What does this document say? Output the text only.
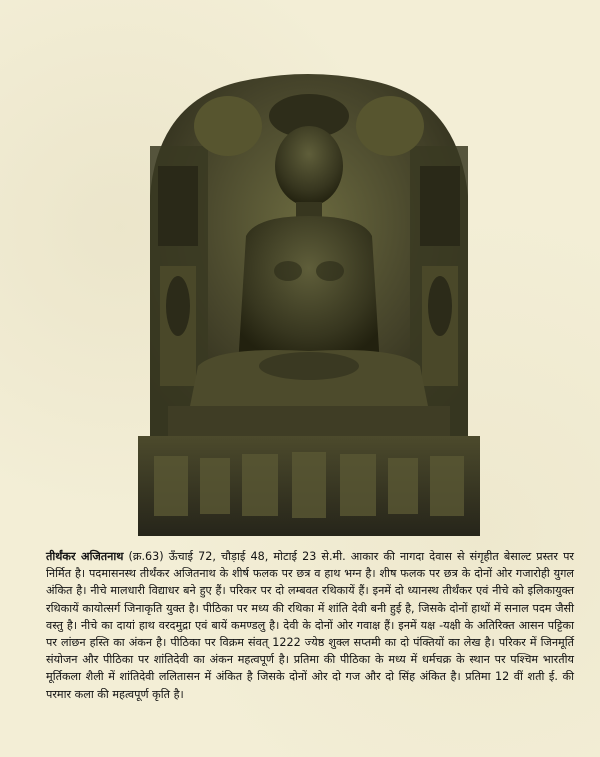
तीर्थंकर अजितनाथ (क्र.63) ऊँचाई 72, चौड़ाई 48, मोटाई 23 से.मी. आकार की नागदा देवास से संगृहीत बेसाल्ट प्रस्तर पर निर्मित है। पदमासनस्थ तीर्थंकर अजितनाथ के शीर्ष फलक पर छत्र व हाथ भग्न है। शीष फलक पर छत्र के दोनों ओर गजारोही युगल अंकित है। नीचे मालधारी विद्याधर बने हुए हैं। परिकर पर दो लम्बवत रथिकायें हैं। इनमें दो ध्यानस्थ तीर्थंकर एवं नीचे को इलिकायुक्त रथिकायें कायोत्सर्ग जिनाकृति युक्त है। पीठिका पर मध्य की रथिका में शांति देवी बनी हुई है, जिसके दोनों हाथों में सनाल पदम जैसी वस्तु है। नीचे का दायां हाथ वरदमुद्रा एवं बायें कमण्डलु है। देवी के दोनों ओर गवाक्ष हैं। इनमें यक्ष -यक्षी के अतिरिक्त आसन पट्टिका पर लांछन हस्ति का अंकन है। पीठिका पर विक्रम संवत् 1222 ज्येष्ठ शुक्ल सप्तमी का दो पंक्तियों का लेख है। परिकर में जिनमूर्ति संयोजन और पीठिका पर शांतिदेवी का अंकन महत्वपूर्ण है। प्रतिमा की पीठिका के मध्य में धर्मचक्र के स्थान पर पश्चिम भारतीय मूर्तिकला शैली में शांतिदेवी ललितासन में अंकित है जिसके दोनों ओर दो गज और दो सिंह अंकित है। प्रतिमा 12 वीं शती ई. की परमार कला की महत्वपूर्ण कृति है।
